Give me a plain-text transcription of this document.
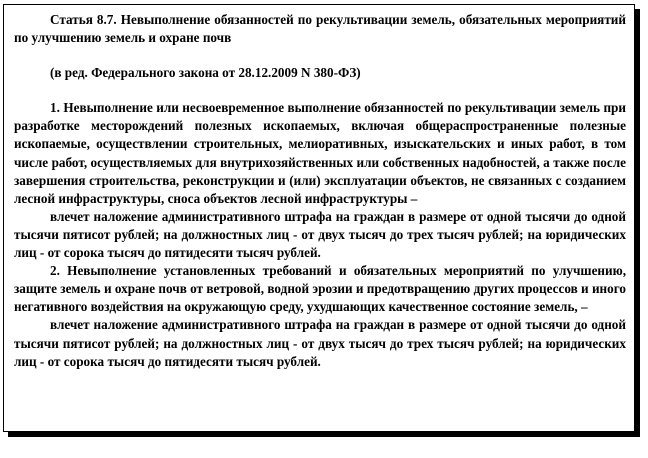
Статья 8.7. Невыполнение обязанностей по рекультивации земель, обязательных мероприятий по улучшению земель и охране почв

(в ред. Федерального закона от 28.12.2009 N 380-ФЗ)

1. Невыполнение или несвоевременное выполнение обязанностей по рекультивации земель при разработке месторождений полезных ископаемых, включая общераспространенные полезные ископаемые, осуществлении строительных, мелиоративных, изыскательских и иных работ, в том числе работ, осуществляемых для внутрихозяйственных или собственных надобностей, а также после завершения строительства, реконструкции и (или) эксплуатации объектов, не связанных с созданием лесной инфраструктуры, сноса объектов лесной инфраструктуры –

влечет наложение административного штрафа на граждан в размере от одной тысячи до одной тысячи пятисот рублей; на должностных лиц - от двух тысяч до трех тысяч рублей; на юридических лиц - от сорока тысяч до пятидесяти тысяч рублей.

2. Невыполнение установленных требований и обязательных мероприятий по улучшению, защите земель и охране почв от ветровой, водной эрозии и предотвращению других процессов и иного негативного воздействия на окружающую среду, ухудшающих качественное состояние земель, –

влечет наложение административного штрафа на граждан в размере от одной тысячи до одной тысячи пятисот рублей; на должностных лиц - от двух тысяч до трех тысяч рублей; на юридических лиц - от сорока тысяч до пятидесяти тысяч рублей.
